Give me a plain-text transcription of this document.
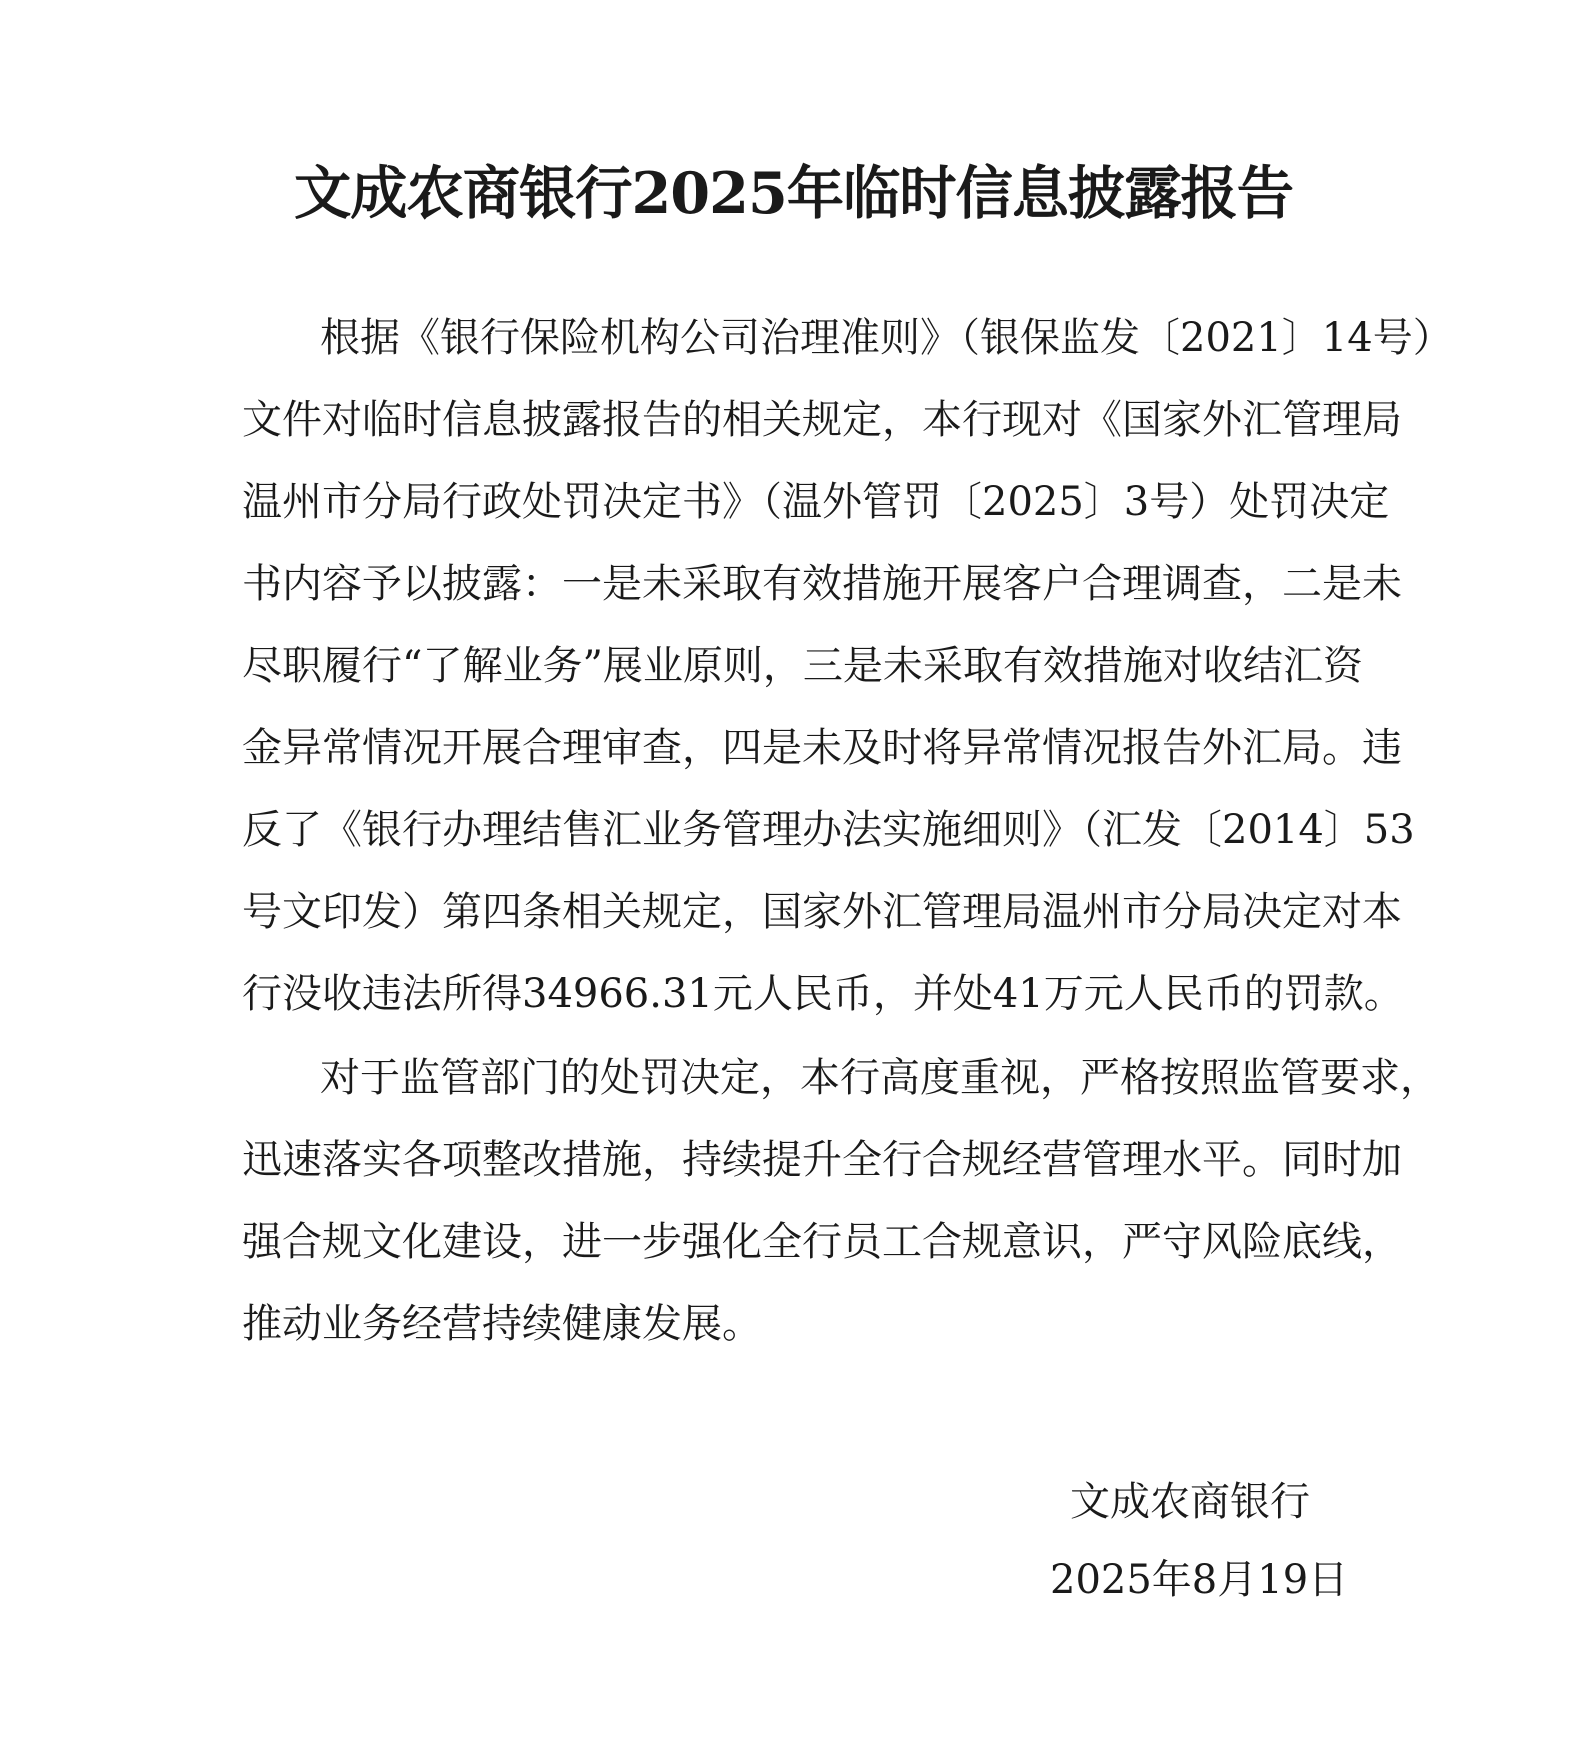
文成农商银行2025年临时信息披露报告
根据《银行保险机构公司治理准则》（银保监发〔2021〕14号）
文件对临时信息披露报告的相关规定，本行现对《国家外汇管理局
温州市分局行政处罚决定书》（温外管罚〔2025〕3号）处罚决定
书内容予以披露：一是未采取有效措施开展客户合理调查，二是未
尽职履行“了解业务”展业原则，三是未采取有效措施对收结汇资
金异常情况开展合理审查，四是未及时将异常情况报告外汇局。违
反了《银行办理结售汇业务管理办法实施细则》（汇发〔2014〕53
号文印发）第四条相关规定，国家外汇管理局温州市分局决定对本
行没收违法所得34966.31元人民币，并处41万元人民币的罚款。
对于监管部门的处罚决定，本行高度重视，严格按照监管要求，
迅速落实各项整改措施，持续提升全行合规经营管理水平。同时加
强合规文化建设，进一步强化全行员工合规意识，严守风险底线，
推动业务经营持续健康发展。
文成农商银行
2025年8月19日
